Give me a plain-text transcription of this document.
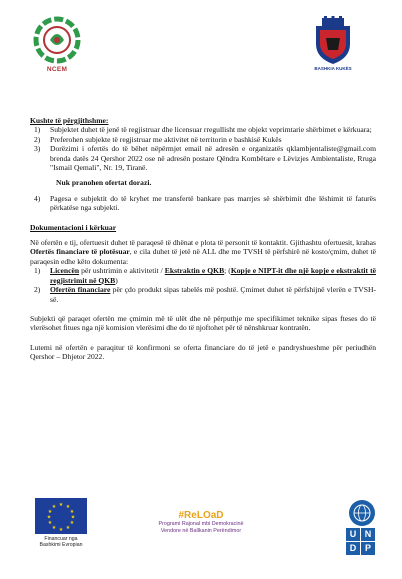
NCEM	BASHKIA KUKËS
Kushte të përgjithshme:
1) Subjektet duhet të jenë të regjistruar dhe licensuar rregullisht me objekt veprimtarie shërbimet e kërkuara;
2) Preferohen subjekte të regjistruar me aktivitet në territorin e bashkisë Kukës
3) Dorëzimi i ofertës do të bëhet nëpërmjet email në adresën e organizatës qklambjentaliste@gmail.com brenda datës 24 Qershor 2022 ose në adresën postare Qëndra Kombëtare e Lëvizjes Ambientaliste, Rruga "Ismail Qemali", Nr. 19, Tiranë.
Nuk pranohen ofertat dorazi.
4) Pagesa e subjektit do të kryhet me transfertë bankare pas marrjes së shërbimit dhe lëshimit të faturës përkatëse nga subjekti.
Dokumentacioni i kërkuar
Në ofertën e tij, ofertuesit duhet të paraqesë të dhënat e plota të personit të kontaktit. Gjithashtu ofertuesit, krahas Ofertës financiare të plotësuar, e cila duhet të jetë në ALL dhe me TVSH të përfshirë në kosto/çmim, duhet të paraqesin edhe këto dokumenta:
1) Licencën për ushtrimin e aktivitetit / Ekstraktin e QKB; (Kopje e NIPT-it dhe një kopje e ekstraktit të regjistrimit në QKB)
2) Ofertën financiare për çdo produkt sipas tabelës më poshtë. Çmimet duhet të përfshijnë vlerën e TVSH-së.
Subjekti që paraqet ofertën me çmimin më të ulët dhe në përputhje me specifikimet teknike sipas fteses do të vlerësohet fitues nga një komision vlerësimi dhe do të njoftohet për të nënshkruar kontratën.
Lutemi në ofertën e paraqitur të konfirmoni se oferta financiare do të jetë e pandryshueshme për periudhën Qershor – Dhjetor 2022.
★ ★
★
★
★
★
★
★
★
★
★
★
Financuar nga
Bashkimi Evropian
#ReLOaD
Programi Rajonal mbi Demokracinë
Vendore në Ballkanin Perëndimor	U N
D P
